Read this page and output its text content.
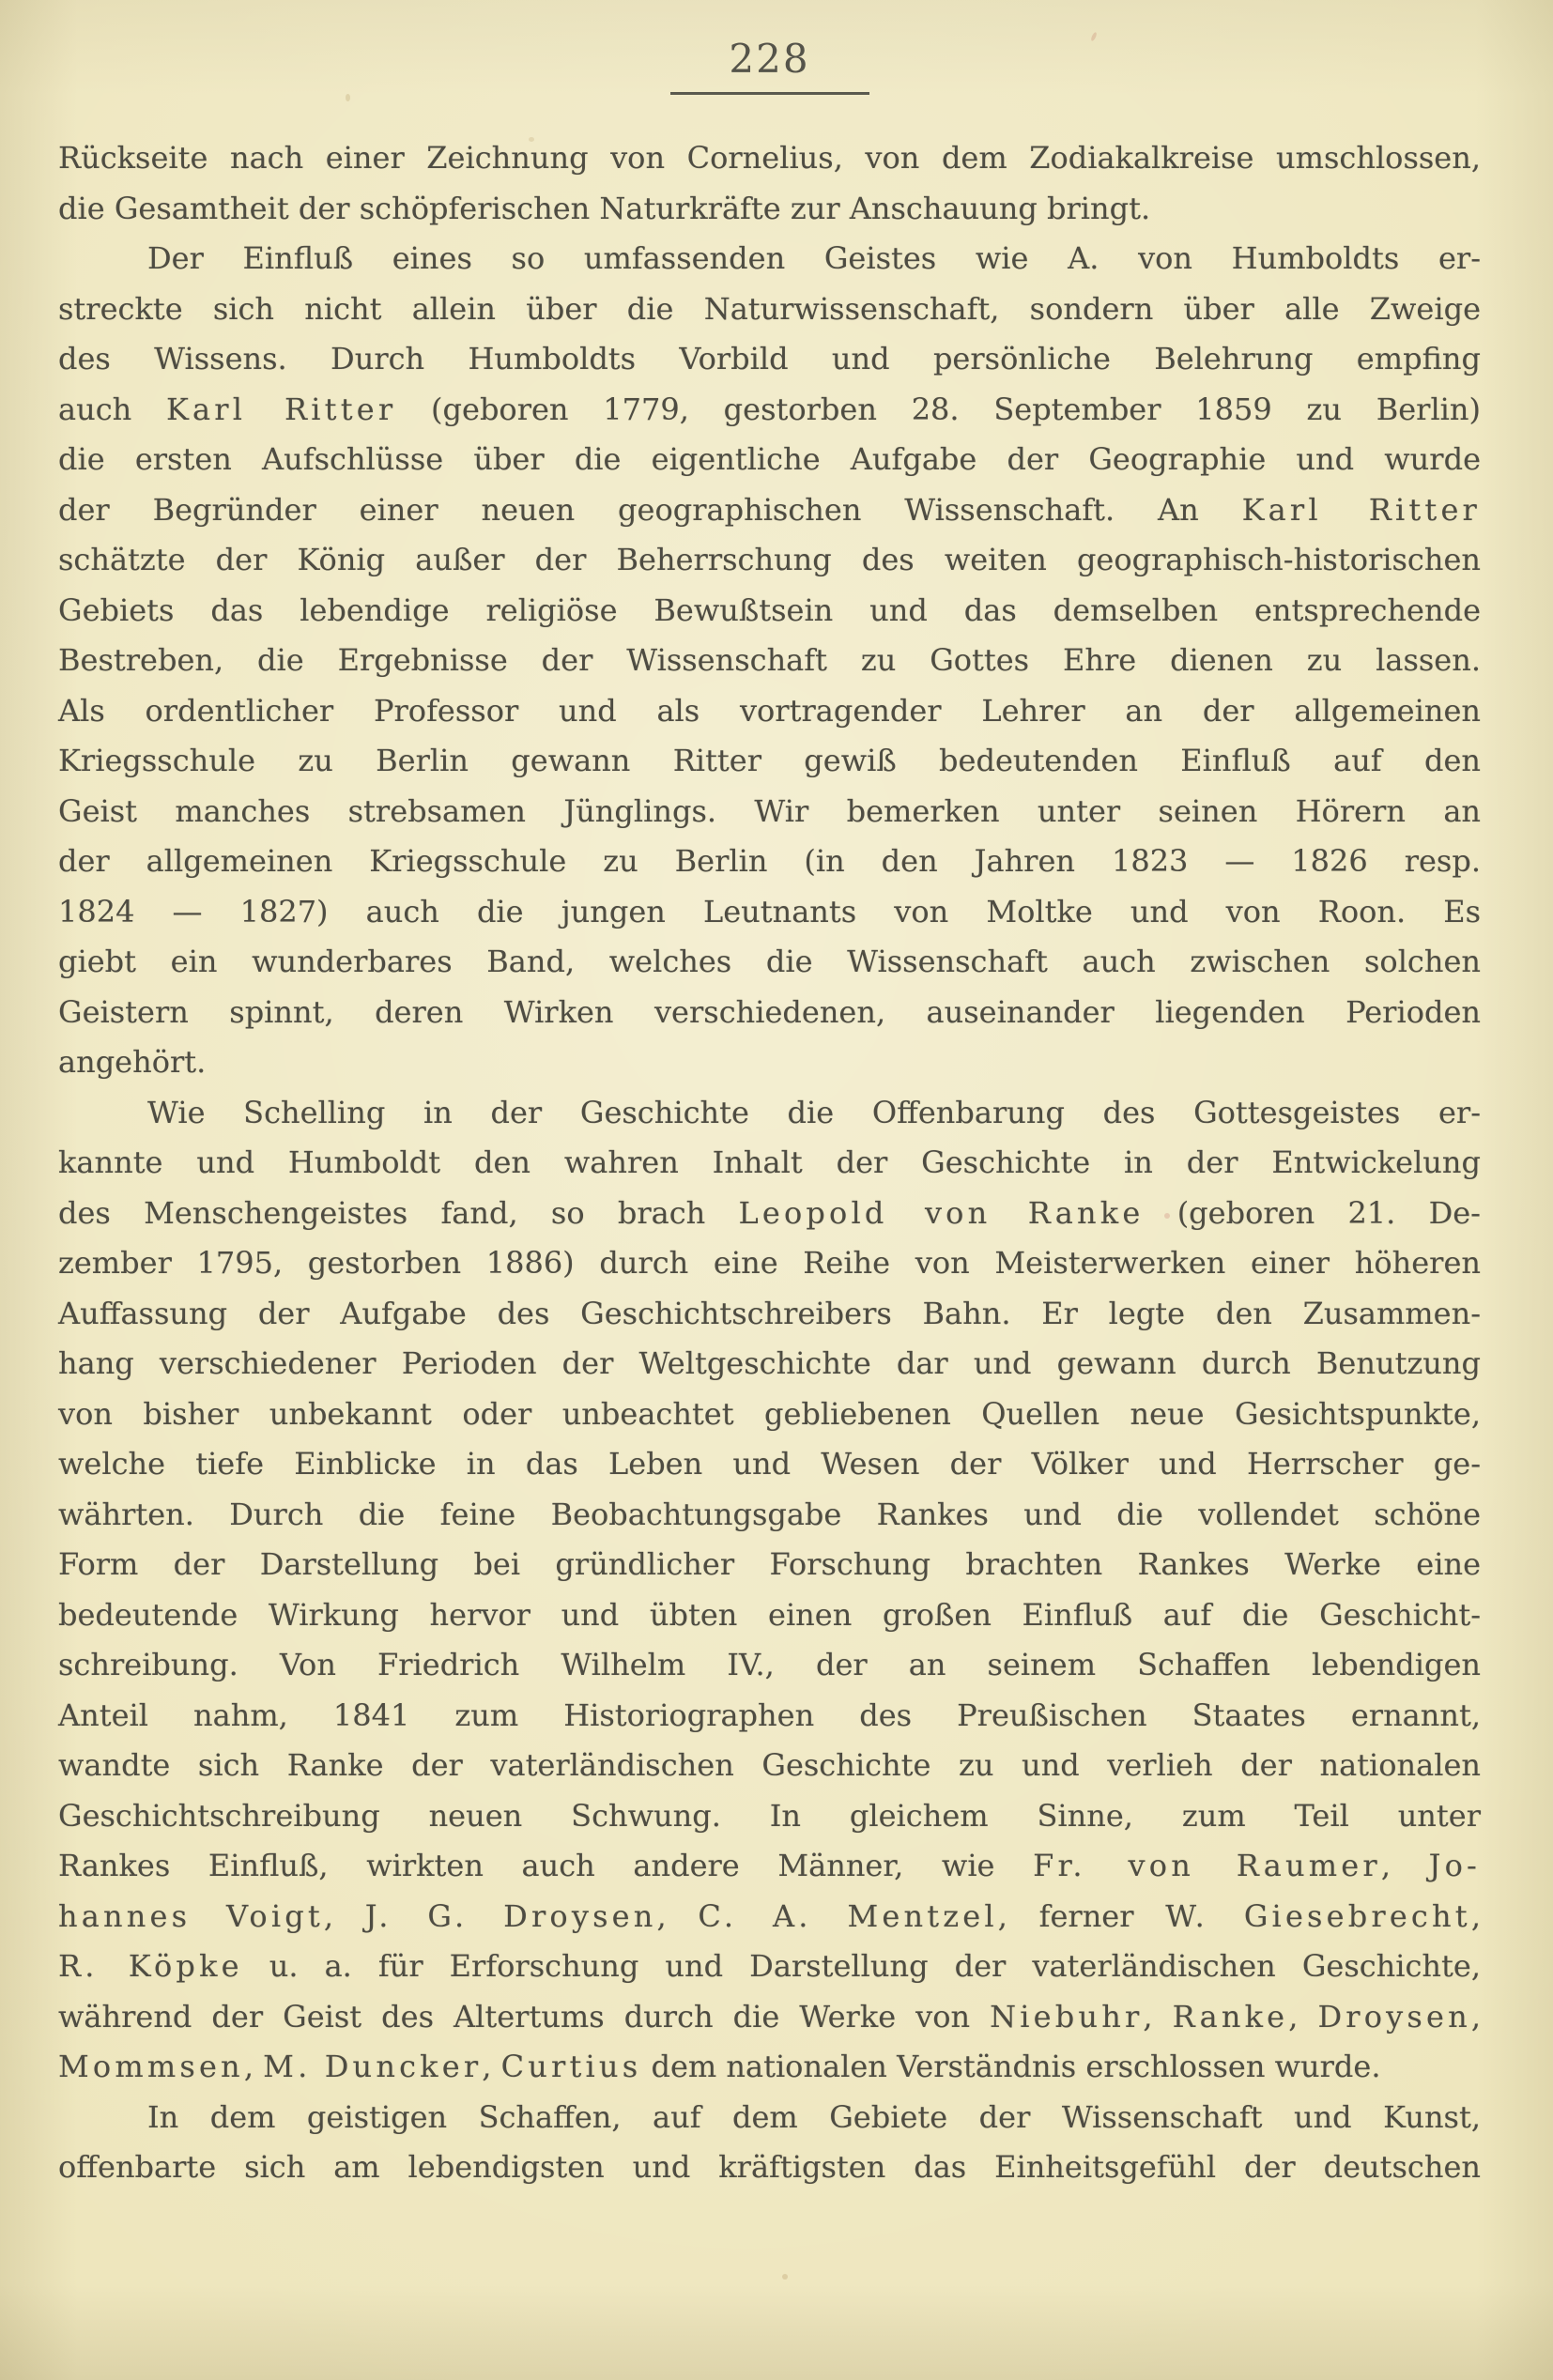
228
Rückseite nach einer Zeichnung von Cornelius, von dem Zodiakalkreise umschlossen,
die Gesamtheit der schöpferischen Naturkräfte zur Anschauung bringt.
Der Einfluß eines so umfassenden Geistes wie A. von Humboldts er-
streckte sich nicht allein über die Naturwissenschaft, sondern über alle Zweige
des Wissens. Durch Humboldts Vorbild und persönliche Belehrung empfing
auch Karl Ritter (geboren 1779, gestorben 28. September 1859 zu Berlin)
die ersten Aufschlüsse über die eigentliche Aufgabe der Geographie und wurde
der Begründer einer neuen geographischen Wissenschaft. An Karl Ritter
schätzte der König außer der Beherrschung des weiten geographisch-historischen
Gebiets das lebendige religiöse Bewußtsein und das demselben entsprechende
Bestreben, die Ergebnisse der Wissenschaft zu Gottes Ehre dienen zu lassen.
Als ordentlicher Professor und als vortragender Lehrer an der allgemeinen
Kriegsschule zu Berlin gewann Ritter gewiß bedeutenden Einfluß auf den
Geist manches strebsamen Jünglings. Wir bemerken unter seinen Hörern an
der allgemeinen Kriegsschule zu Berlin (in den Jahren 1823 — 1826 resp.
1824 — 1827) auch die jungen Leutnants von Moltke und von Roon. Es
giebt ein wunderbares Band, welches die Wissenschaft auch zwischen solchen
Geistern spinnt, deren Wirken verschiedenen, auseinander liegenden Perioden
angehört.
Wie Schelling in der Geschichte die Offenbarung des Gottesgeistes er-
kannte und Humboldt den wahren Inhalt der Geschichte in der Entwickelung
des Menschengeistes fand, so brach Leopold von Ranke (geboren 21. De-
zember 1795, gestorben 1886) durch eine Reihe von Meisterwerken einer höheren
Auffassung der Aufgabe des Geschichtschreibers Bahn. Er legte den Zusammen-
hang verschiedener Perioden der Weltgeschichte dar und gewann durch Benutzung
von bisher unbekannt oder unbeachtet gebliebenen Quellen neue Gesichtspunkte,
welche tiefe Einblicke in das Leben und Wesen der Völker und Herrscher ge-
währten. Durch die feine Beobachtungsgabe Rankes und die vollendet schöne
Form der Darstellung bei gründlicher Forschung brachten Rankes Werke eine
bedeutende Wirkung hervor und übten einen großen Einfluß auf die Geschicht-
schreibung. Von Friedrich Wilhelm IV., der an seinem Schaffen lebendigen
Anteil nahm, 1841 zum Historiographen des Preußischen Staates ernannt,
wandte sich Ranke der vaterländischen Geschichte zu und verlieh der nationalen
Geschichtschreibung neuen Schwung. In gleichem Sinne, zum Teil unter
Rankes Einfluß, wirkten auch andere Männer, wie Fr. von Raumer, Jo-
hannes Voigt, J. G. Droysen, C. A. Mentzel, ferner W. Giesebrecht,
R. Köpke u. a. für Erforschung und Darstellung der vaterländischen Geschichte,
während der Geist des Altertums durch die Werke von Niebuhr, Ranke, Droysen,
Mommsen, M. Duncker, Curtius dem nationalen Verständnis erschlossen wurde.
In dem geistigen Schaffen, auf dem Gebiete der Wissenschaft und Kunst,
offenbarte sich am lebendigsten und kräftigsten das Einheitsgefühl der deutschen
